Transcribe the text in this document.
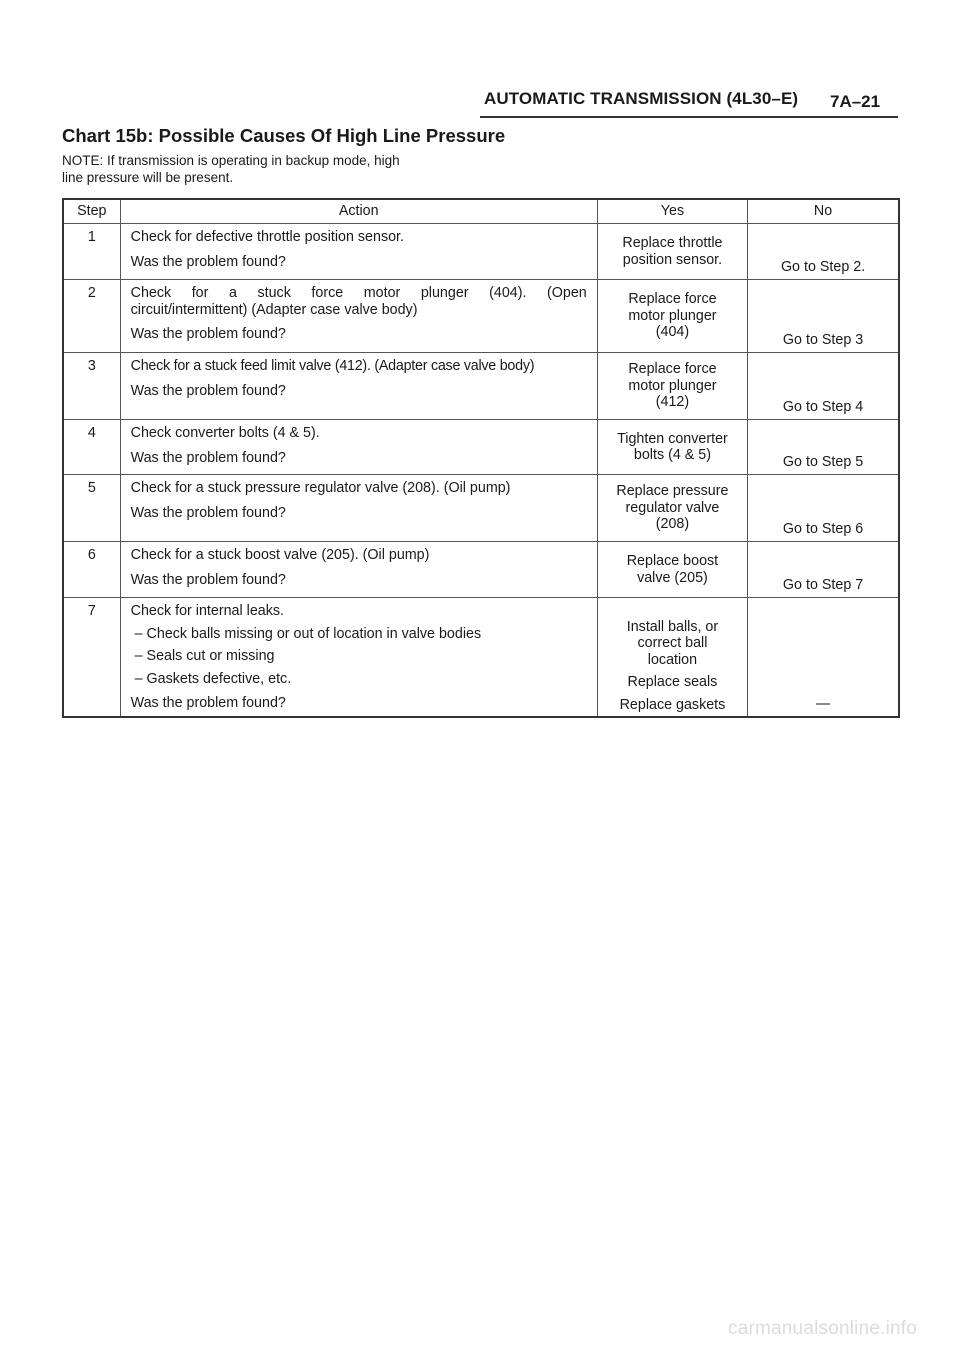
AUTOMATIC TRANSMISSION (4L30–E) 7A–21
Chart 15b: Possible Causes Of High Line Pressure
NOTE: If transmission is operating in backup mode, high
line pressure will be present.
Step	Action	Yes	No
1	Check for defective throttle position sensor.
Was the problem found?	Replace throttle
position sensor.	Go to Step 2.
2	Check for a stuck force motor plunger (404). (Open
circuit/intermittent) (Adapter case valve body)
Was the problem found?	Replace force
motor plunger
(404)	Go to Step 3
3	Check for a stuck feed limit valve (412). (Adapter case valve body)
Was the problem found?	Replace force
motor plunger
(412)	Go to Step 4
4	Check converter bolts (4 & 5).
Was the problem found?	Tighten converter
bolts (4 & 5)	Go to Step 5
5	Check for a stuck pressure regulator valve (208). (Oil pump)
Was the problem found?	Replace pressure
regulator valve
(208)	Go to Step 6
6	Check for a stuck boost valve (205). (Oil pump)
Was the problem found?	Replace boost
valve (205)	Go to Step 7
7	Check for internal leaks.
– Check balls missing or out of location in valve bodies
– Seals cut or missing
– Gaskets defective, etc.
Was the problem found?	Install balls, or
correct ball
location
Replace seals
Replace gaskets	—
carmanualsonline.info
